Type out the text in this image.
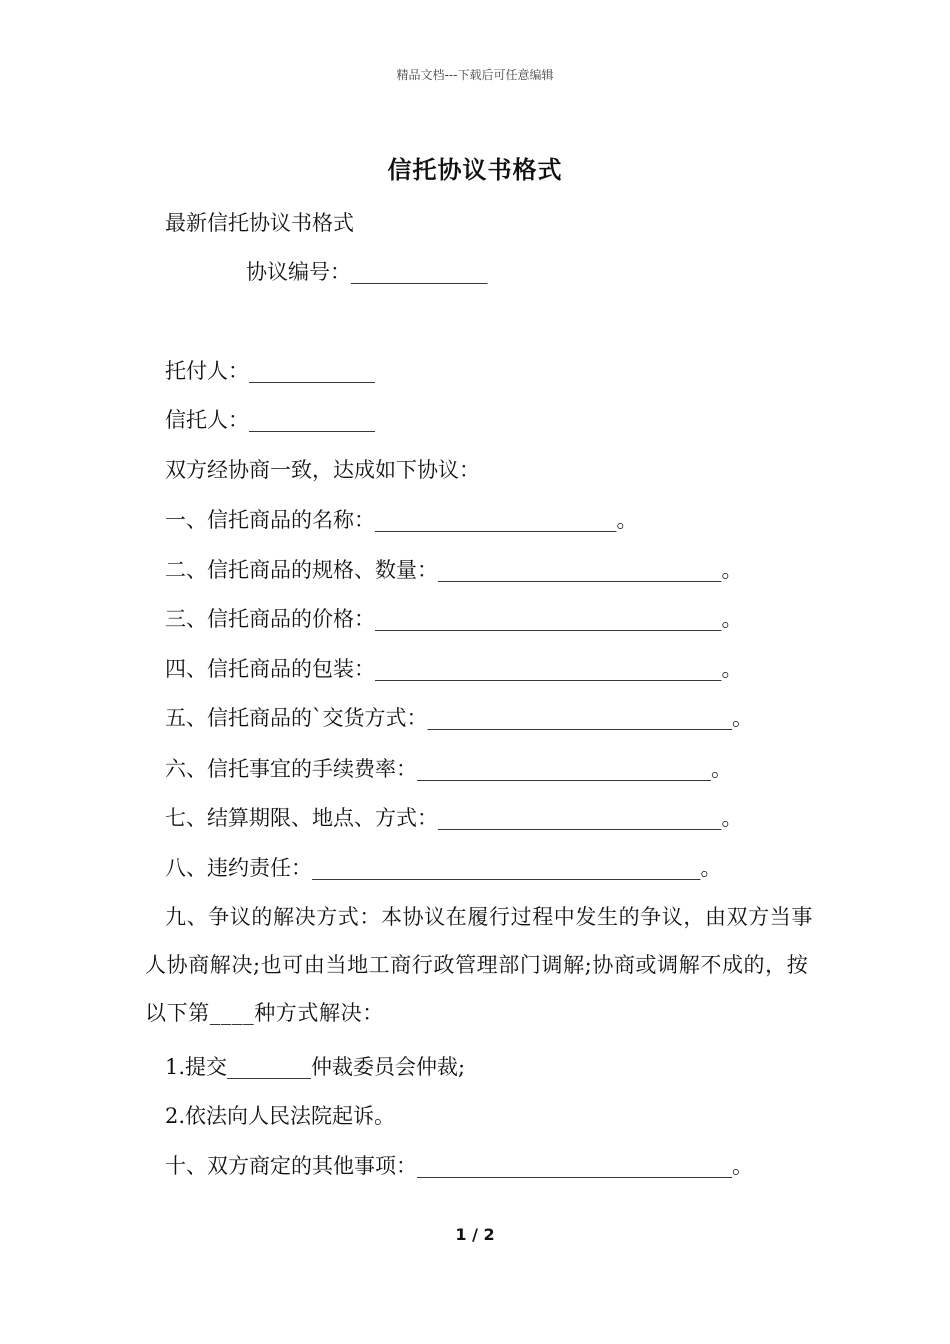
精品文档---下载后可任意编辑
信托协议书格式
最新信托协议书格式
协议编号：_____________
托付人：____________
信托人：____________
双方经协商一致，达成如下协议：
一、信托商品的名称：_______________________。
二、信托商品的规格、数量：___________________________。
三、信托商品的价格：_________________________________。
四、信托商品的包装：_________________________________。
五、信托商品的`交货方式：_____________________________。
六、信托事宜的手续费率：____________________________。
七、结算期限、地点、方式：___________________________。
八、违约责任：_____________________________________。
九、争议的解决方式：本协议在履行过程中发生的争议，由双方当事人协商解决;也可由当地工商行政管理部门调解;协商或调解不成的，按以下第____种方式解决：
1.提交________仲裁委员会仲裁;
2.依法向人民法院起诉。
十、双方商定的其他事项：______________________________。
1 / 2
